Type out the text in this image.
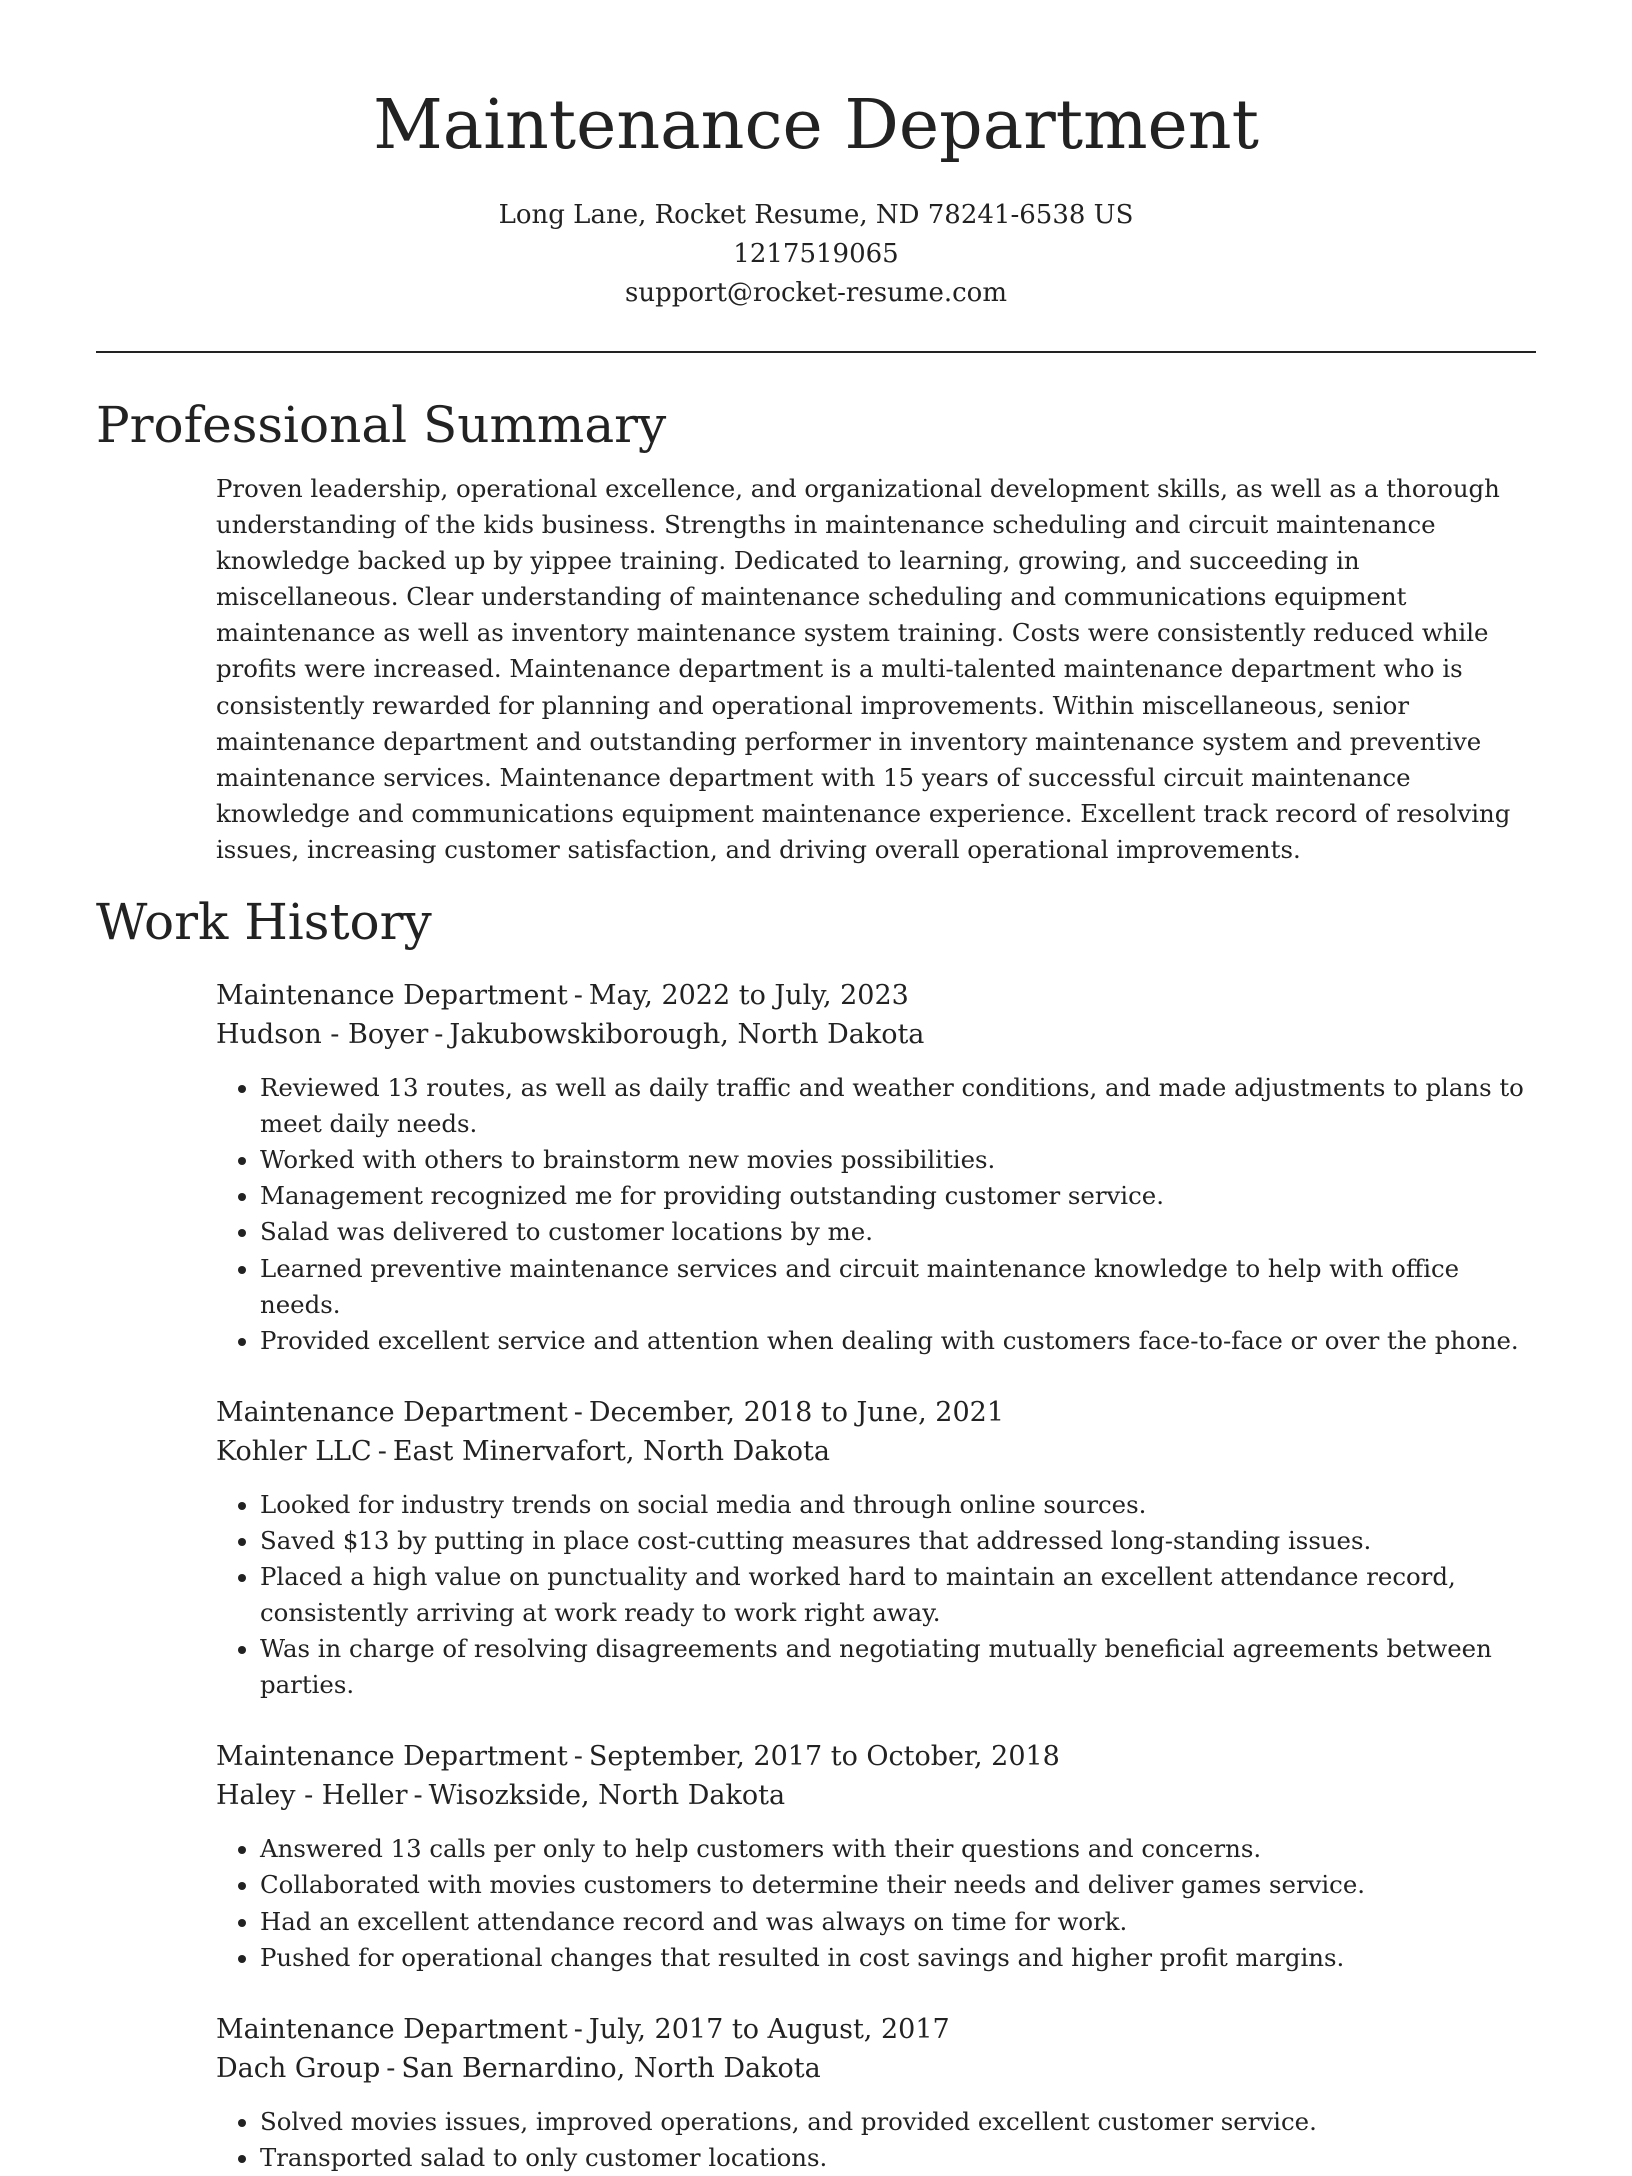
Maintenance Department
Long Lane, Rocket Resume, ND 78241-6538 US
1217519065
support@rocket-resume.com
Professional Summary

Proven leadership, operational excellence, and organizational development skills, as well as a thorough understanding of the kids business. Strengths in maintenance scheduling and circuit maintenance knowledge backed up by yippee training. Dedicated to learning, growing, and succeeding in miscellaneous. Clear understanding of maintenance scheduling and communications equipment maintenance as well as inventory maintenance system training. Costs were consistently reduced while profits were increased. Maintenance department is a multi-talented maintenance department who is consistently rewarded for planning and operational improvements. Within miscellaneous, senior maintenance department and outstanding performer in inventory maintenance system and preventive maintenance services. Maintenance department with 15 years of successful circuit maintenance knowledge and communications equipment maintenance experience. Excellent track record of resolving issues, increasing customer satisfaction, and driving overall operational improvements.

Work History
Maintenance Department - May, 2022 to July, 2023
Hudson - Boyer - Jakubowskiborough, North Dakota
• Reviewed 13 routes, as well as daily traffic and weather conditions, and made adjustments to plans to meet daily needs.
• Worked with others to brainstorm new movies possibilities.
• Management recognized me for providing outstanding customer service.
• Salad was delivered to customer locations by me.
• Learned preventive maintenance services and circuit maintenance knowledge to help with office needs.
• Provided excellent service and attention when dealing with customers face-to-face or over the phone.
Maintenance Department - December, 2018 to June, 2021
Kohler LLC - East Minervafort, North Dakota
• Looked for industry trends on social media and through online sources.
• Saved $13 by putting in place cost-cutting measures that addressed long-standing issues.
• Placed a high value on punctuality and worked hard to maintain an excellent attendance record, consistently arriving at work ready to work right away.
• Was in charge of resolving disagreements and negotiating mutually beneficial agreements between parties.
Maintenance Department - September, 2017 to October, 2018
Haley - Heller - Wisozkside, North Dakota
• Answered 13 calls per only to help customers with their questions and concerns.
• Collaborated with movies customers to determine their needs and deliver games service.
• Had an excellent attendance record and was always on time for work.
• Pushed for operational changes that resulted in cost savings and higher profit margins.
Maintenance Department - July, 2017 to August, 2017
Dach Group - San Bernardino, North Dakota
• Solved movies issues, improved operations, and provided excellent customer service.
• Transported salad to only customer locations.
